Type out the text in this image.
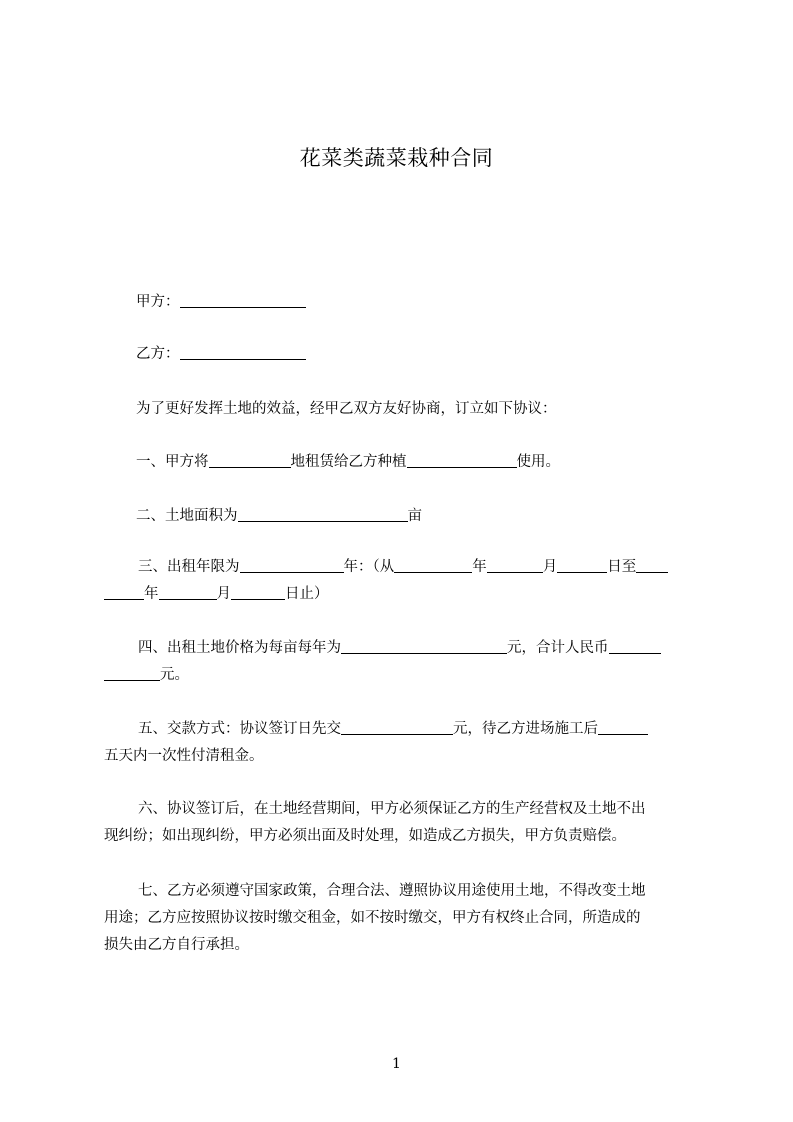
花菜类蔬菜栽种合同
甲方：
乙方：
为了更好发挥土地的效益，经甲乙双方友好协商，订立如下协议：
一、甲方将	地租赁给乙方种植	使用。
二、土地面积为	亩
三、出租年限为	年：（从	年	月	日至
年	月	日止）
四、出租土地价格为每亩每年为	元，合计人民币
元。
五、交款方式：协议签订日先交	元，待乙方进场施工后
五天内一次性付清租金。
六、协议签订后，在土地经营期间，甲方必须保证乙方的生产经营权及土地不出
现纠纷；如出现纠纷，甲方必须出面及时处理，如造成乙方损失，甲方负责赔偿。
七、乙方必须遵守国家政策，合理合法、遵照协议用途使用土地，不得改变土地
用途；乙方应按照协议按时缴交租金，如不按时缴交，甲方有权终止合同，所造成的
损失由乙方自行承担。
1
